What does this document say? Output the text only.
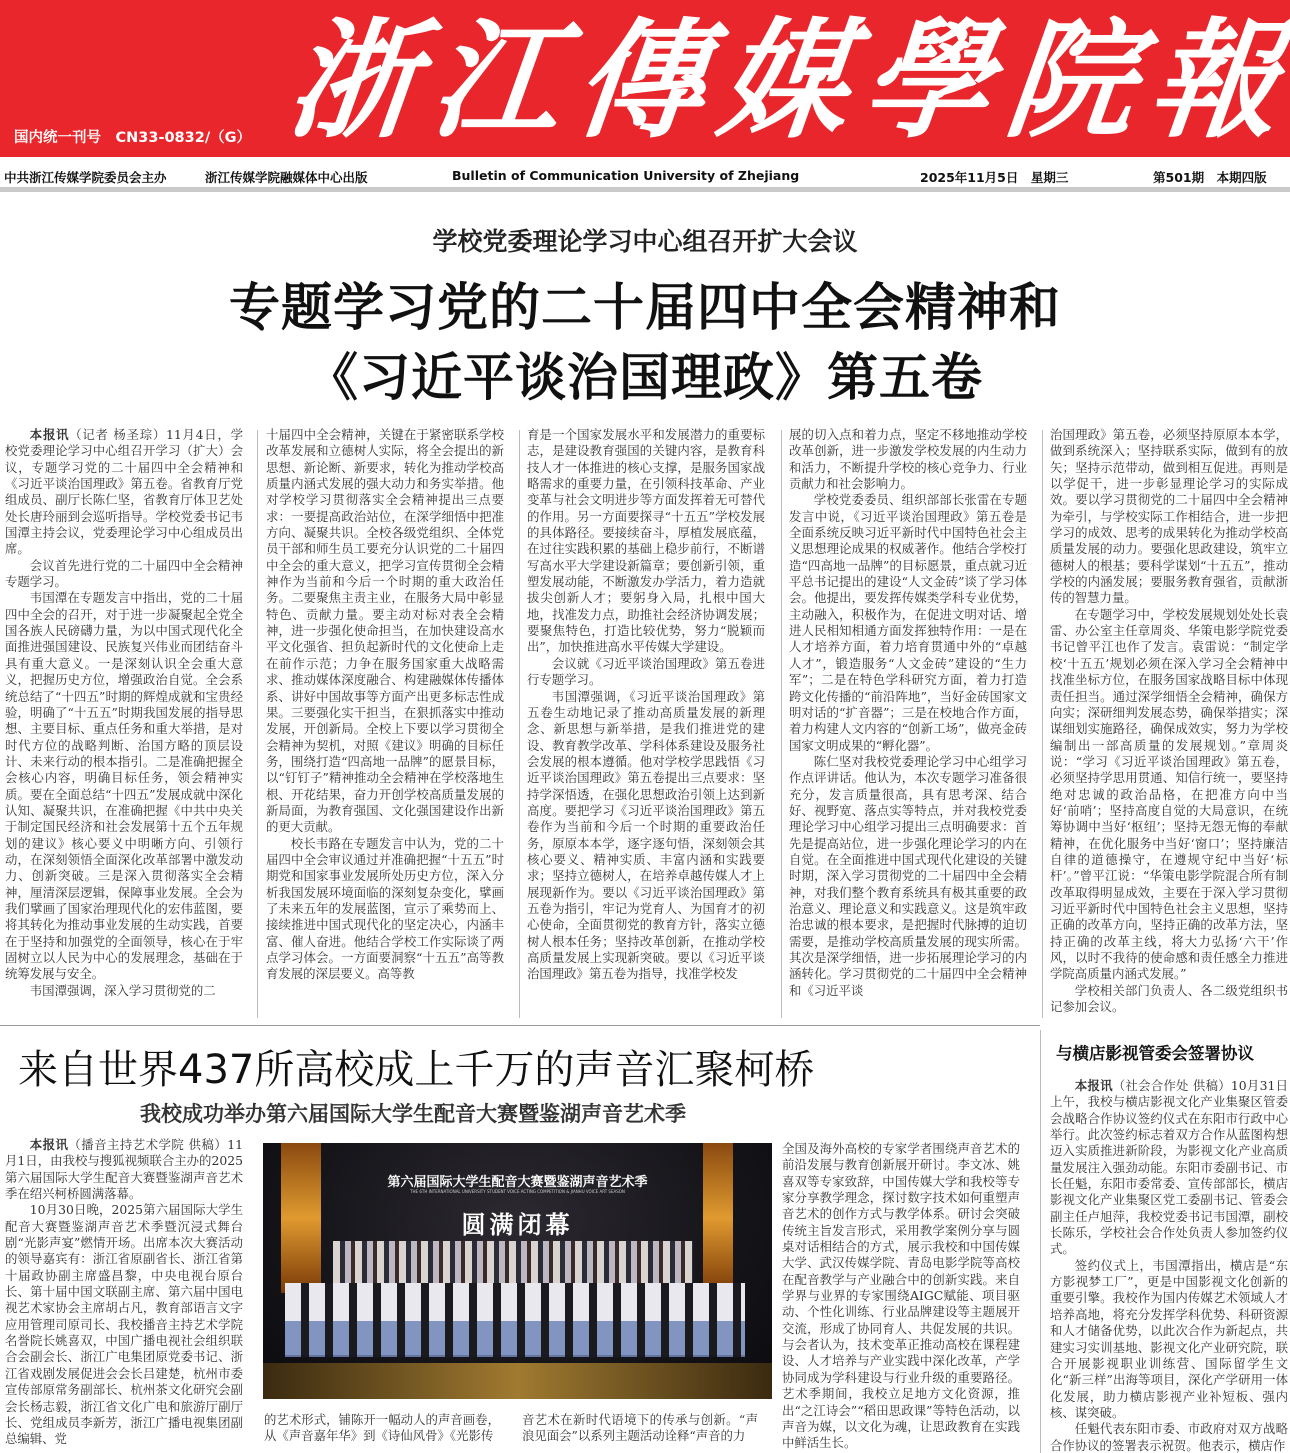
浙 江 傳 媒 學 院 報
国内统一刊号　CN33-0832/（G）
中共浙江传媒学院委员会主办	浙江传媒学院融媒体中心出版	Bulletin of Communication University of Zhejiang	2025年11月5日　星期三	第501期　本期四版
学校党委理论学习中心组召开扩大会议
专题学习党的二十届四中全会精神和
《习近平谈治国理政》第五卷

本报讯（记者 杨圣琮）11月4日，学校党委理论学习中心组召开学习（扩大）会议，专题学习党的二十届四中全会精神和《习近平谈治国理政》第五卷。省教育厅党组成员、副厅长陈仁坚，省教育厅体卫艺处处长唐玲丽到会巡听指导。学校党委书记韦国潭主持会议，党委理论学习中心组成员出席。

会议首先进行党的二十届四中全会精神专题学习。

韦国潭在专题发言中指出，党的二十届四中全会的召开，对于进一步凝聚起全党全国各族人民磅礴力量，为以中国式现代化全面推进强国建设、民族复兴伟业而团结奋斗具有重大意义。一是深刻认识全会重大意义，把握历史方位，增强政治自觉。全会系统总结了“十四五”时期的辉煌成就和宝贵经验，明确了“十五五”时期我国发展的指导思想、主要目标、重点任务和重大举措，是对时代方位的战略判断、治国方略的顶层设计、未来行动的根本指引。二是准确把握全会核心内容，明确目标任务，领会精神实质。要在全面总结“十四五”发展成就中深化认知、凝聚共识，在准确把握《中共中央关于制定国民经济和社会发展第十五个五年规划的建议》核心要义中明晰方向、引领行动，在深刻领悟全面深化改革部署中激发动力、创新突破。三是深入贯彻落实全会精神，厘清深层逻辑，保障事业发展。全会为我们擘画了国家治理现代化的宏伟蓝图，要将其转化为推动事业发展的生动实践，首要在于坚持和加强党的全面领导，核心在于牢固树立以人民为中心的发展理念，基础在于统筹发展与安全。

韦国潭强调，深入学习贯彻党的二

十届四中全会精神，关键在于紧密联系学校改革发展和立德树人实际，将全会提出的新思想、新论断、新要求，转化为推动学校高质量内涵式发展的强大动力和务实举措。他对学校学习贯彻落实全会精神提出三点要求：一要提高政治站位，在深学细悟中把准方向、凝聚共识。全校各级党组织、全体党员干部和师生员工要充分认识党的二十届四中全会的重大意义，把学习宣传贯彻全会精神作为当前和今后一个时期的重大政治任务。二要聚焦主责主业，在服务大局中彰显特色、贡献力量。要主动对标对表全会精神，进一步强化使命担当，在加快建设高水平文化强省、担负起新时代的文化使命上走在前作示范；力争在服务国家重大战略需求、推动媒体深度融合、构建融媒体传播体系、讲好中国故事等方面产出更多标志性成果。三要强化实干担当，在狠抓落实中推动发展，开创新局。全校上下要以学习贯彻全会精神为契机，对照《建议》明确的目标任务，围绕打造“四高地一品牌”的愿景目标，以“钉钉子”精神推动全会精神在学校落地生根、开花结果，奋力开创学校高质量发展的新局面，为教育强国、文化强国建设作出新的更大贡献。

校长韦路在专题发言中认为，党的二十届四中全会审议通过并准确把握“十五五”时期党和国家事业发展所处历史方位，深入分析我国发展环境面临的深刻复杂变化，擘画了未来五年的发展蓝图，宣示了乘势而上、接续推进中国式现代化的坚定决心，内涵丰富、催人奋进。他结合学校工作实际谈了两点学习体会。一方面要洞察“十五五”高等教育发展的深层要义。高等教

育是一个国家发展水平和发展潜力的重要标志，是建设教育强国的关键内容，是教育科技人才一体推进的核心支撑，是服务国家战略需求的重要力量，在引领科技革命、产业变革与社会文明进步等方面发挥着无可替代的作用。另一方面要探寻“十五五”学校发展的具体路径。要接续奋斗，厚植发展底蕴，在过往实践积累的基础上稳步前行，不断谱写高水平大学建设新篇章；要创新引领，重塑发展动能，不断激发办学活力，着力造就拔尖创新人才；要躬身入局，扎根中国大地，找准发力点，助推社会经济协调发展；要聚焦特色，打造比较优势，努力“脱颖而出”，加快推进高水平传媒大学建设。

会议就《习近平谈治国理政》第五卷进行专题学习。

韦国潭强调，《习近平谈治国理政》第五卷生动地记录了推动高质量发展的新理念、新思想与新举措，是我们推进党的建设、教育教学改革、学科体系建设及服务社会发展的根本遵循。他对学校学思践悟《习近平谈治国理政》第五卷提出三点要求：坚持学深悟透，在强化思想政治引领上达到新高度。要把学习《习近平谈治国理政》第五卷作为当前和今后一个时期的重要政治任务，原原本本学，逐字逐句悟，深刻领会其核心要义、精神实质、丰富内涵和实践要求；坚持立德树人，在培养卓越传媒人才上展现新作为。要以《习近平谈治国理政》第五卷为指引，牢记为党育人、为国育才的初心使命，全面贯彻党的教育方针，落实立德树人根本任务；坚持改革创新，在推动学校高质量发展上实现新突破。要以《习近平谈治国理政》第五卷为指导，找准学校发

展的切入点和着力点，坚定不移地推动学校改革创新，进一步激发学校发展的内生动力和活力，不断提升学校的核心竞争力、行业贡献力和社会影响力。

学校党委委员、组织部部长张雷在专题发言中说，《习近平谈治国理政》第五卷是全面系统反映习近平新时代中国特色社会主义思想理论成果的权威著作。他结合学校打造“四高地一品牌”的目标愿景，重点就习近平总书记提出的建设“人文金砖”谈了学习体会。他提出，要发挥传媒类学科专业优势，主动融入，积极作为，在促进文明对话、增进人民相知相通方面发挥独特作用：一是在人才培养方面，着力培育贯通中外的“卓越人才”，锻造服务“人文金砖”建设的“生力军”；二是在特色学科研究方面，着力打造跨文化传播的“前沿阵地”，当好金砖国家文明对话的“扩音器”；三是在校地合作方面，着力构建人文内容的“创新工场”，做亮金砖国家文明成果的“孵化器”。

陈仁坚对我校党委理论学习中心组学习作点评讲话。他认为，本次专题学习准备很充分，发言质量很高，具有思考深、结合好、视野宽、落点实等特点，并对我校党委理论学习中心组学习提出三点明确要求：首先是提高站位，进一步强化理论学习的内在自觉。在全面推进中国式现代化建设的关键时期，深入学习贯彻党的二十届四中全会精神，对我们整个教育系统具有极其重要的政治意义、理论意义和实践意义。这是筑牢政治忠诚的根本要求，是把握时代脉搏的迫切需要，是推动学校高质量发展的现实所需。其次是深学细悟，进一步拓展理论学习的内涵转化。学习贯彻党的二十届四中全会精神和《习近平谈

治国理政》第五卷，必须坚持原原本本学，做到系统深入；坚持联系实际，做到有的放矢；坚持示范带动，做到相互促进。再则是以学促干，进一步彰显理论学习的实际成效。要以学习贯彻党的二十届四中全会精神为牵引，与学校实际工作相结合，进一步把学习的成效、思考的成果转化为推动学校高质量发展的动力。要强化思政建设，筑牢立德树人的根基；要科学谋划“十五五”，推动学校的内涵发展；要服务教育强省，贡献浙传的智慧力量。

在专题学习中，学校发展规划处处长袁雷、办公室主任章周炎、华策电影学院党委书记曾平江也作了发言。袁雷说：“制定学校‘十五五’规划必须在深入学习全会精神中找准坐标方位，在服务国家战略目标中体现责任担当。通过深学细悟全会精神，确保方向实；深研细判发展态势，确保举措实；深谋细划实施路径，确保成效实，努力为学校编制出一部高质量的发展规划。”章周炎说：“学习《习近平谈治国理政》第五卷，必须坚持学思用贯通、知信行统一，要坚持绝对忠诚的政治品格，在把准方向中当好‘前哨’；坚持高度自觉的大局意识，在统筹协调中当好‘枢纽’；坚持无怨无悔的奉献精神，在优化服务中当好‘窗口’；坚持廉洁自律的道德操守，在遵规守纪中当好‘标杆’。”曾平江说：“华策电影学院混合所有制改革取得明显成效，主要在于深入学习贯彻习近平新时代中国特色社会主义思想，坚持正确的改革方向，坚持正确的改革方法，坚持正确的改革主线，将大力弘扬‘六干’作风，以时不我待的使命感和责任感全力推进学院高质量内涵式发展。”

学校相关部门负责人、各二级党组织书记参加会议。

来自世界437所高校成上千万的声音汇聚柯桥
我校成功举办第六届国际大学生配音大赛暨鉴湖声音艺术季
与横店影视管委会签署协议
第六届国际大学生配音大赛暨鉴湖声音艺术季
THE 6TH INTERNATIONAL UNIVERSITY STUDENT VOICE ACTING COMPETITION & JIANHU VOICE ART SEASON
圆满闭幕

本报讯（播音主持艺术学院 供稿）11月1日，由我校与搜狐视频联合主办的2025第六届国际大学生配音大赛暨鉴湖声音艺术季在绍兴柯桥圆满落幕。

10月30日晚，2025第六届国际大学生配音大赛暨鉴湖声音艺术季暨沉浸式舞台剧“光影声宴”燃情开场。出席本次大赛活动的领导嘉宾有：浙江省原副省长、浙江省第十届政协副主席盛昌黎，中央电视台原台长、第十届中国文联副主席、第六届中国电视艺术家协会主席胡占凡，教育部语言文字应用管理司原司长、我校播音主持艺术学院名誉院长姚喜双，中国广播电视社会组织联合会副会长、浙江广电集团原党委书记、浙江省戏剧发展促进会会长吕建楚，杭州市委宣传部原常务副部长、杭州茶文化研究会副会长杨志毅，浙江省文化广电和旅游厅副厅长、党组成员李新芳，浙江广播电视集团副总编辑、党

的艺术形式，铺陈开一幅动人的声音画卷，从《声音嘉年华》到《诗仙风骨》《光影传

音艺术在新时代语境下的传承与创新。“声浪见面会”以系列主题活动诠释“声音的力

全国及海外高校的专家学者围绕声音艺术的前沿发展与教育创新展开研讨。李文冰、姚喜双等专家致辞，中国传媒大学和我校等专家分享教学理念，探讨数字技术如何重塑声音艺术的创作方式与教学体系。研讨会突破传统主旨发言形式，采用教学案例分享与圆桌对话相结合的方式，展示我校和中国传媒大学、武汉传媒学院、青岛电影学院等高校在配音教学与产业融合中的创新实践。来自学界与业界的专家围绕AIGC赋能、项目驱动、个性化训练、行业品牌建设等主题展开交流，形成了协同育人、共促发展的共识。与会者认为，技术变革正推动高校在课程建设、人才培养与产业实践中深化改革，产学协同成为学科建设与行业升级的重要路径。艺术季期间，我校立足地方文化资源，推出“之江诗会”“稻田思政课”等特色活动，以声音为媒，以文化为魂，让思政教育在实践中鲜活生长。

本报讯（社会合作处 供稿）10月31日上午，我校与横店影视文化产业集聚区管委会战略合作协议签约仪式在东阳市行政中心举行。此次签约标志着双方合作从蓝图构想迈入实质推进新阶段，为影视文化产业高质量发展注入强劲动能。东阳市委副书记、市长任魁，东阳市委常委、宣传部部长，横店影视文化产业集聚区党工委副书记、管委会副主任卢旭萍，我校党委书记韦国潭，副校长陈乐，学校社会合作处负责人参加签约仪式。

签约仪式上，韦国潭指出，横店是“东方影视梦工厂”，更是中国影视文化创新的重要引擎。我校作为国内传媒艺术领域人才培养高地，将充分发挥学科优势、科研资源和人才储备优势，以此次合作为新起点，共建实习实训基地、影视文化产业研究院，联合开展影视职业训练营、国际留学生文化“新三样”出海等项目，深化产学研用一体化发展，助力横店影视产业补短板、强内核、谋突破。

任魁代表东阳市委、市政府对双方战略合作协议的签署表示祝贺。他表示，横店作
